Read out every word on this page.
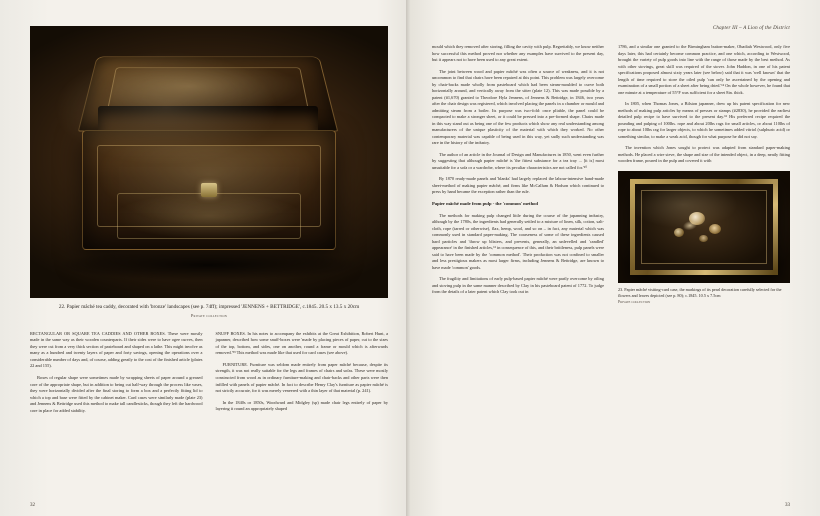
22. Papier mâché tea caddy, decorated with 'bronze' landscapes (see p. 74ff); impressed 'JENNENS + BETTRIDGE', c.1845. 20.5 x 13.5 x 20cm
Private collection

RECTANGULAR OR SQUARE TEA CADDIES AND OTHER BOXES. These were mostly made in the same way as their wooden counterparts. If their sides were to have ogee curves, then they were cut from a very thick section of pasteboard and shaped on a lathe. This might involve as many as a hundred and twenty layers of paper and forty savings, opening the operations over a considerable number of days and, of course, adding greatly to the cost of the finished article (plates 22 and 155).

Boxes of regular shape were sometimes made by wrapping sheets of paper around a greased core of the appropriate shape, but in addition to being cut half-way through the process like vases, they were horizontally divided after the final storing to form a box and a perfectly fitting lid to which a top and base were fitted by the cabinet maker. Card cases were similarly made (plate 23) and Jennens & Bettridge used this method to make tall candlesticks, though they left the hardwood core in place for added stability.

SNUFF BOXES. In his notes to accompany the exhibits at the Great Exhibition, Robert Hunt, a japanner, described how some snuff-boxes were 'made by placing pieces of paper, cut to the sizes of the top, bottom, and sides, one on another, round a frame or mould which is afterwards removed.'⁵⁹ This method was made like that used for card cases (see above).

FURNITURE. Furniture was seldom made entirely from paper mâché because, despite its strength, it was not really suitable for the legs and frames of chairs and sofas. These were mostly constructed from wood as in ordinary furniture-making and chair-backs and other parts were then infilled with panels of papier mâché. In fact to describe Henry Clay's furniture as papier mâché is not strictly accurate, for it was merely veneered with a thin layer of that material (p. 241).

In the 1840s or 1850s, Woodward and Midgley (sp) made chair legs entirely of paper by layering it round an appropriately shaped

32
Chapter III – A Lion of the District

mould which they removed after storing, filling the cavity with pulp. Regrettably, we know neither how successful this method proved nor whether any examples have survived to the present day, but it appears not to have been used to any great extent.

The joint between wood and papier mâché was often a source of weakness, and it is not uncommon to find that chairs have been repaired at this point. This problem was largely overcome by chair-backs made wholly from pasteboard which had been steam-moulded to curve both horizontally around, and vertically away from the sitter (plate 12). This was made possible by a patent (#1,670) granted to Theodore Hyla Jennens, of Jennens & Bettridge, in 1846, two years after the chair design was registered, which involved placing the panels in a chamber or mould and admitting steam from a boiler. Its purpose was two-fold: once pliable, the panel could be compacted to make a stronger sheet, or it could be pressed into a pre-formed shape. Chairs made in this way stand out as being one of the few products which show any real understanding among manufacturers of the unique plasticity of the material with which they worked. No other contemporary material was capable of being used in this way, yet sadly such understanding was rare in the history of the industry.

The author of an article in the Journal of Design and Manufactures in 1850, went even further by suggesting that although papier mâché is 'the fittest substance for a tea tray ... [it is] most unsuitable for a sofa or a wardrobe, where its peculiar characteristics are not called for.'⁶⁰

By 1870 ready-made panels and 'blanks' had largely replaced the labour-intensive hand-made sheet-method of making papier mâché, and firms like McCallum & Hodson which continued to press by hand became the exception rather than the rule.

Papier mâché made from pulp - the 'common' method

The methods for making pulp changed little during the course of the japanning industry, although by the 1780s, the ingredients had generally settled to a mixture of linen, silk, cotton, salt-cloth, rope (tarred or otherwise), flax, hemp, wool, and so on – in fact, any material which was commonly used in standard paper-making. The coarseness of some of these ingredients caused hard particles and 'throw up blisters, and prevents, generally, an unlevelled and 'candled' appearance' in the finished articles,⁶¹ in consequence of this, and their brittleness, pulp panels were said to have been made by the 'common method'. Their production was not confined to smaller and less prestigious makers as most larger firms, including Jennens & Bettridge, are known to have made 'common' goods.

The fragility and limitations of early pulp-based papier mâché were partly overcome by oiling and stoving pulp in the same manner described by Clay in his pasteboard patent of 1772. To judge from the details of a later patent which Clay took out in

1786, and a similar one granted to the Birmingham button-maker, Obadiah Westwood, only five days later, this had certainly become common practice, and one which, according to Westwood, brought the variety of pulp goods into line with the range of those made by the best method. As with other stovings, great skill was required of the stover. John Haddon, in one of his patent specifications proposed almost sixty years later (see below) said that it was 'well known' that the length of time required to store the oiled pulp 'can only be ascertained by the opening and examination of a small portion of a sheet after being dried.'⁶² On the whole however, he found that one minute at a temperature of 55°F was sufficient for a sheet 8in. thick.

In 1805, when Thomas Jones, a Bilston japanner, drew up his patent specification for new methods of making pulp articles by means of presses or stamps (#2830), he provided the earliest detailed pulp recipe to have survived to the present day.⁶³ His preferred recipe required the pounding and pulping of 100lbs. rope and about 20lbs rags for small articles, or about 110lbs of rope to about 10lbs rag for larger objects, to which he sometimes added vitriol (sulphuric acid) or something similar, to make a weak acid, though for what purpose he did not say.

The invention which Jones sought to protect was adapted from standard paper-making methods. He placed a wire sieve, the shape and size of the intended object, in a deep, neatly fitting wooden frame, poured in the pulp and covered it with

23. Papier mâché visiting-card case, the markings of its pearl decoration carefully selected for the flowers and leaves depicted (see p. 80); c.1845. 10.5 x 7.5cm
Private collection
33
